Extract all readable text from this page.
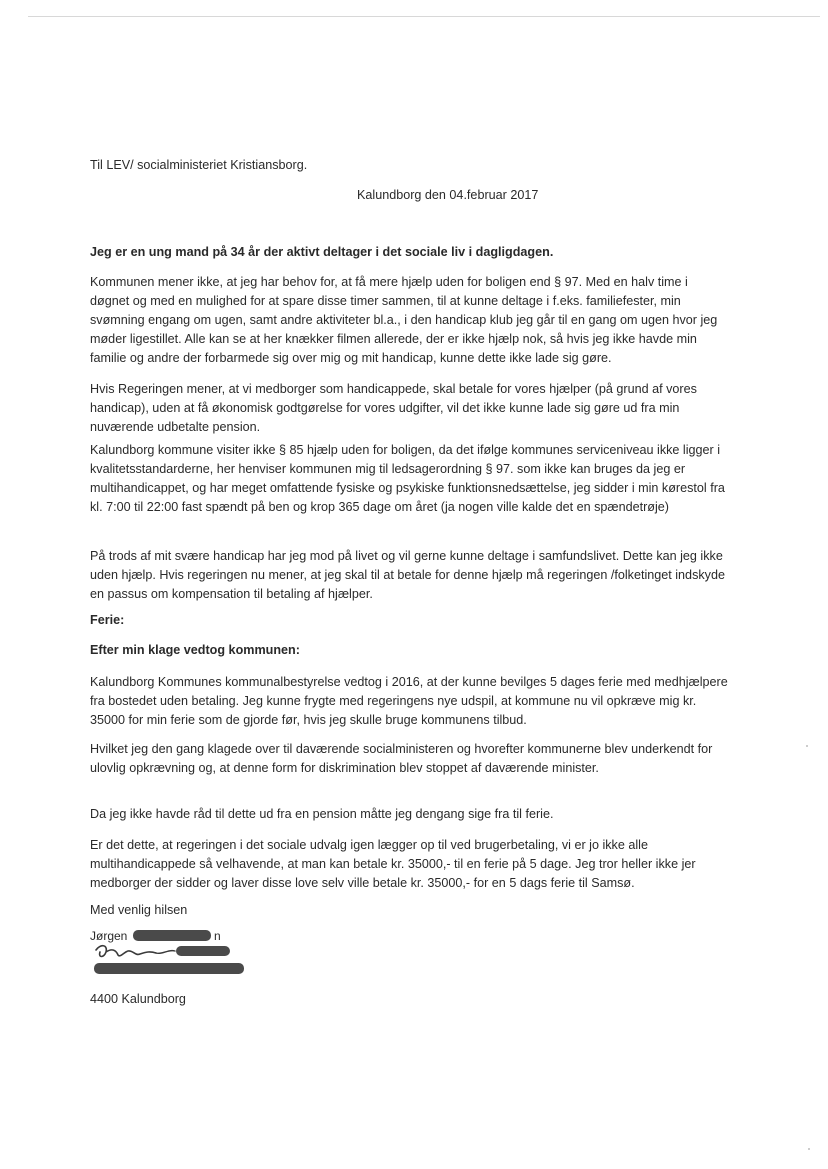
Til LEV/ socialministeriet Kristiansborg.

Kalundborg den 04.februar 2017

Jeg er en ung mand på 34 år der aktivt deltager i det sociale liv i dagligdagen.

Kommunen mener ikke, at jeg har behov for, at få mere hjælp uden for boligen end § 97. Med en halv time i døgnet og med en mulighed for at spare disse timer sammen, til at kunne deltage i f.eks. familiefester, min svømning engang om ugen, samt andre aktiviteter bl.a., i den handicap klub jeg går til en gang om ugen hvor jeg møder ligestillet. Alle kan se at her knækker filmen allerede, der er ikke hjælp nok, så hvis jeg ikke havde min familie og andre der forbarmede sig over mig og mit handicap, kunne dette ikke lade sig gøre.

Hvis Regeringen mener, at vi medborger som handicappede, skal betale for vores hjælper (på grund af vores handicap), uden at få økonomisk godtgørelse for vores udgifter, vil det ikke kunne lade sig gøre ud fra min nuværende udbetalte pension.

Kalundborg kommune visiter ikke § 85 hjælp uden for boligen, da det ifølge kommunes serviceniveau ikke ligger i kvalitetsstandarderne, her henviser kommunen mig til ledsagerordning § 97. som ikke kan bruges da jeg er multihandicappet, og har meget omfattende fysiske og psykiske funktionsnedsættelse, jeg sidder i min kørestol fra kl. 7:00 til 22:00 fast spændt på ben og krop 365 dage om året (ja nogen ville kalde det en spændetrøje)

På trods af mit svære handicap har jeg mod på livet og vil gerne kunne deltage i samfundslivet. Dette kan jeg ikke uden hjælp. Hvis regeringen nu mener, at jeg skal til at betale for denne hjælp må regeringen /folketinget indskyde en passus om kompensation til betaling af hjælper.

Ferie:

Efter min klage vedtog kommunen:

Kalundborg Kommunes kommunalbestyrelse vedtog i 2016, at der kunne bevilges 5 dages ferie med medhjælpere fra bostedet uden betaling. Jeg kunne frygte med regeringens nye udspil, at kommune nu vil opkræve mig kr. 35000 for min ferie som de gjorde før, hvis jeg skulle bruge kommunens tilbud.

Hvilket jeg den gang klagede over til daværende socialministeren og hvorefter kommunerne blev underkendt for ulovlig opkrævning og, at denne form for diskrimination blev stoppet af daværende minister.

Da jeg ikke havde råd til dette ud fra en pension måtte jeg dengang sige fra til ferie.

Er det dette, at regeringen i det sociale udvalg igen lægger op til ved brugerbetaling, vi er jo ikke alle multihandicappede så velhavende, at man kan betale kr. 35000,- til en ferie på 5 dage. Jeg tror heller ikke jer medborger der sidder og laver disse love selv ville betale kr. 35000,- for en 5 dags ferie til Samsø.

Med venlig hilsen

Jørgen	n

4400 Kalundborg
